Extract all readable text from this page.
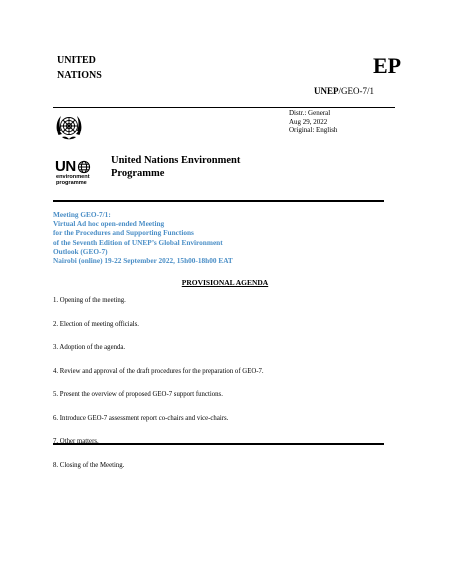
UNITED
NATIONS	EP
UNEP/GEO-7/1
Distr.: General
Aug 29, 2022
Original: English
UN
environment
programme
United Nations Environment Programme
Meeting GEO-7/1:
Virtual Ad hoc open-ended Meeting
for the Procedures and Supporting Functions
of the Seventh Edition of UNEP’s Global Environment
Outlook (GEO-7)
Nairobi (online) 19-22 September 2022, 15h00-18h00 EAT
PROVISIONAL AGENDA
1. Opening of the meeting.
2. Election of meeting officials.
3. Adoption of the agenda.
4. Review and approval of the draft procedures for the preparation of GEO-7.
5. Present the overview of proposed GEO-7 support functions.
6. Introduce GEO-7 assessment report co-chairs and vice-chairs.
7. Other matters.
8. Closing of the Meeting.
